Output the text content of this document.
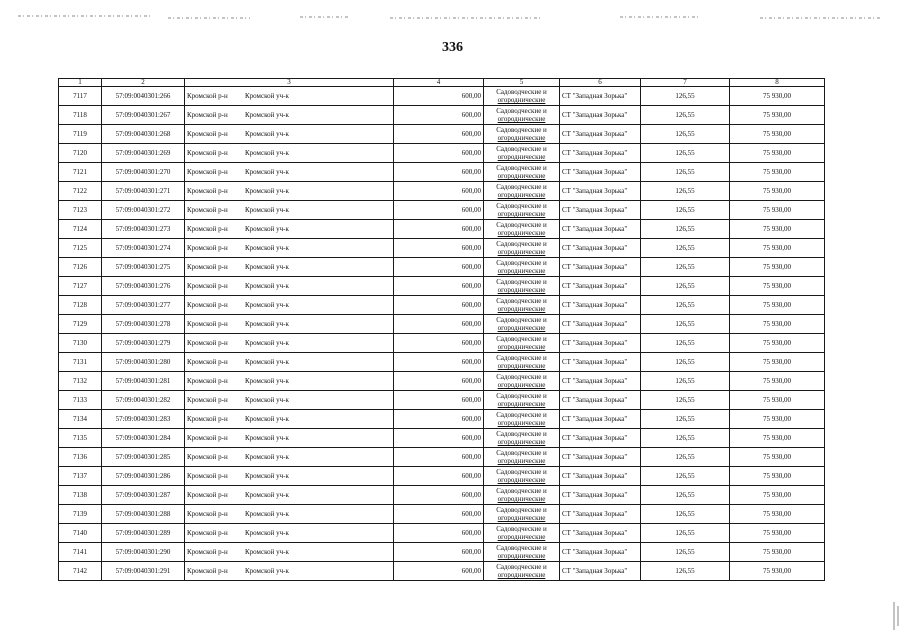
336
1	2	3	4	5	6	7	8
7117	57:09:0040301:266	Кромской р-н Кромской уч-к	600,00	Садоводческие и
огороднические	СТ "Западная Зорька"	126,55	75 930,00
7118	57:09:0040301:267	Кромской р-н Кромской уч-к	600,00	Садоводческие и
огороднические	СТ "Западная Зорька"	126,55	75 930,00
7119	57:09:0040301:268	Кромской р-н Кромской уч-к	600,00	Садоводческие и
огороднические	СТ "Западная Зорька"	126,55	75 930,00
7120	57:09:0040301:269	Кромской р-н Кромской уч-к	600,00	Садоводческие и
огороднические	СТ "Западная Зорька"	126,55	75 930,00
7121	57:09:0040301:270	Кромской р-н Кромской уч-к	600,00	Садоводческие и
огороднические	СТ "Западная Зорька"	126,55	75 930,00
7122	57:09:0040301:271	Кромской р-н Кромской уч-к	600,00	Садоводческие и
огороднические	СТ "Западная Зорька"	126,55	75 930,00
7123	57:09:0040301:272	Кромской р-н Кромской уч-к	600,00	Садоводческие и
огороднические	СТ "Западная Зорька"	126,55	75 930,00
7124	57:09:0040301:273	Кромской р-н Кромской уч-к	600,00	Садоводческие и
огороднические	СТ "Западная Зорька"	126,55	75 930,00
7125	57:09:0040301:274	Кромской р-н Кромской уч-к	600,00	Садоводческие и
огороднические	СТ "Западная Зорька"	126,55	75 930,00
7126	57:09:0040301:275	Кромской р-н Кромской уч-к	600,00	Садоводческие и
огороднические	СТ "Западная Зорька"	126,55	75 930,00
7127	57:09:0040301:276	Кромской р-н Кромской уч-к	600,00	Садоводческие и
огороднические	СТ "Западная Зорька"	126,55	75 930,00
7128	57:09:0040301:277	Кромской р-н Кромской уч-к	600,00	Садоводческие и
огороднические	СТ "Западная Зорька"	126,55	75 930,00
7129	57:09:0040301:278	Кромской р-н Кромской уч-к	600,00	Садоводческие и
огороднические	СТ "Западная Зорька"	126,55	75 930,00
7130	57:09:0040301:279	Кромской р-н Кромской уч-к	600,00	Садоводческие и
огороднические	СТ "Западная Зорька"	126,55	75 930,00
7131	57:09:0040301:280	Кромской р-н Кромской уч-к	600,00	Садоводческие и
огороднические	СТ "Западная Зорька"	126,55	75 930,00
7132	57:09:0040301:281	Кромской р-н Кромской уч-к	600,00	Садоводческие и
огороднические	СТ "Западная Зорька"	126,55	75 930,00
7133	57:09:0040301:282	Кромской р-н Кромской уч-к	600,00	Садоводческие и
огороднические	СТ "Западная Зорька"	126,55	75 930,00
7134	57:09:0040301:283	Кромской р-н Кромской уч-к	600,00	Садоводческие и
огороднические	СТ "Западная Зорька"	126,55	75 930,00
7135	57:09:0040301:284	Кромской р-н Кромской уч-к	600,00	Садоводческие и
огороднические	СТ "Западная Зорька"	126,55	75 930,00
7136	57:09:0040301:285	Кромской р-н Кромской уч-к	600,00	Садоводческие и
огороднические	СТ "Западная Зорька"	126,55	75 930,00
7137	57:09:0040301:286	Кромской р-н Кромской уч-к	600,00	Садоводческие и
огороднические	СТ "Западная Зорька"	126,55	75 930,00
7138	57:09:0040301:287	Кромской р-н Кромской уч-к	600,00	Садоводческие и
огороднические	СТ "Западная Зорька"	126,55	75 930,00
7139	57:09:0040301:288	Кромской р-н Кромской уч-к	600,00	Садоводческие и
огороднические	СТ "Западная Зорька"	126,55	75 930,00
7140	57:09:0040301:289	Кромской р-н Кромской уч-к	600,00	Садоводческие и
огороднические	СТ "Западная Зорька"	126,55	75 930,00
7141	57:09:0040301:290	Кромской р-н Кромской уч-к	600,00	Садоводческие и
огороднические	СТ "Западная Зорька"	126,55	75 930,00
7142	57:09:0040301:291	Кромской р-н Кромской уч-к	600,00	Садоводческие и
огороднические	СТ "Западная Зорька"	126,55	75 930,00
